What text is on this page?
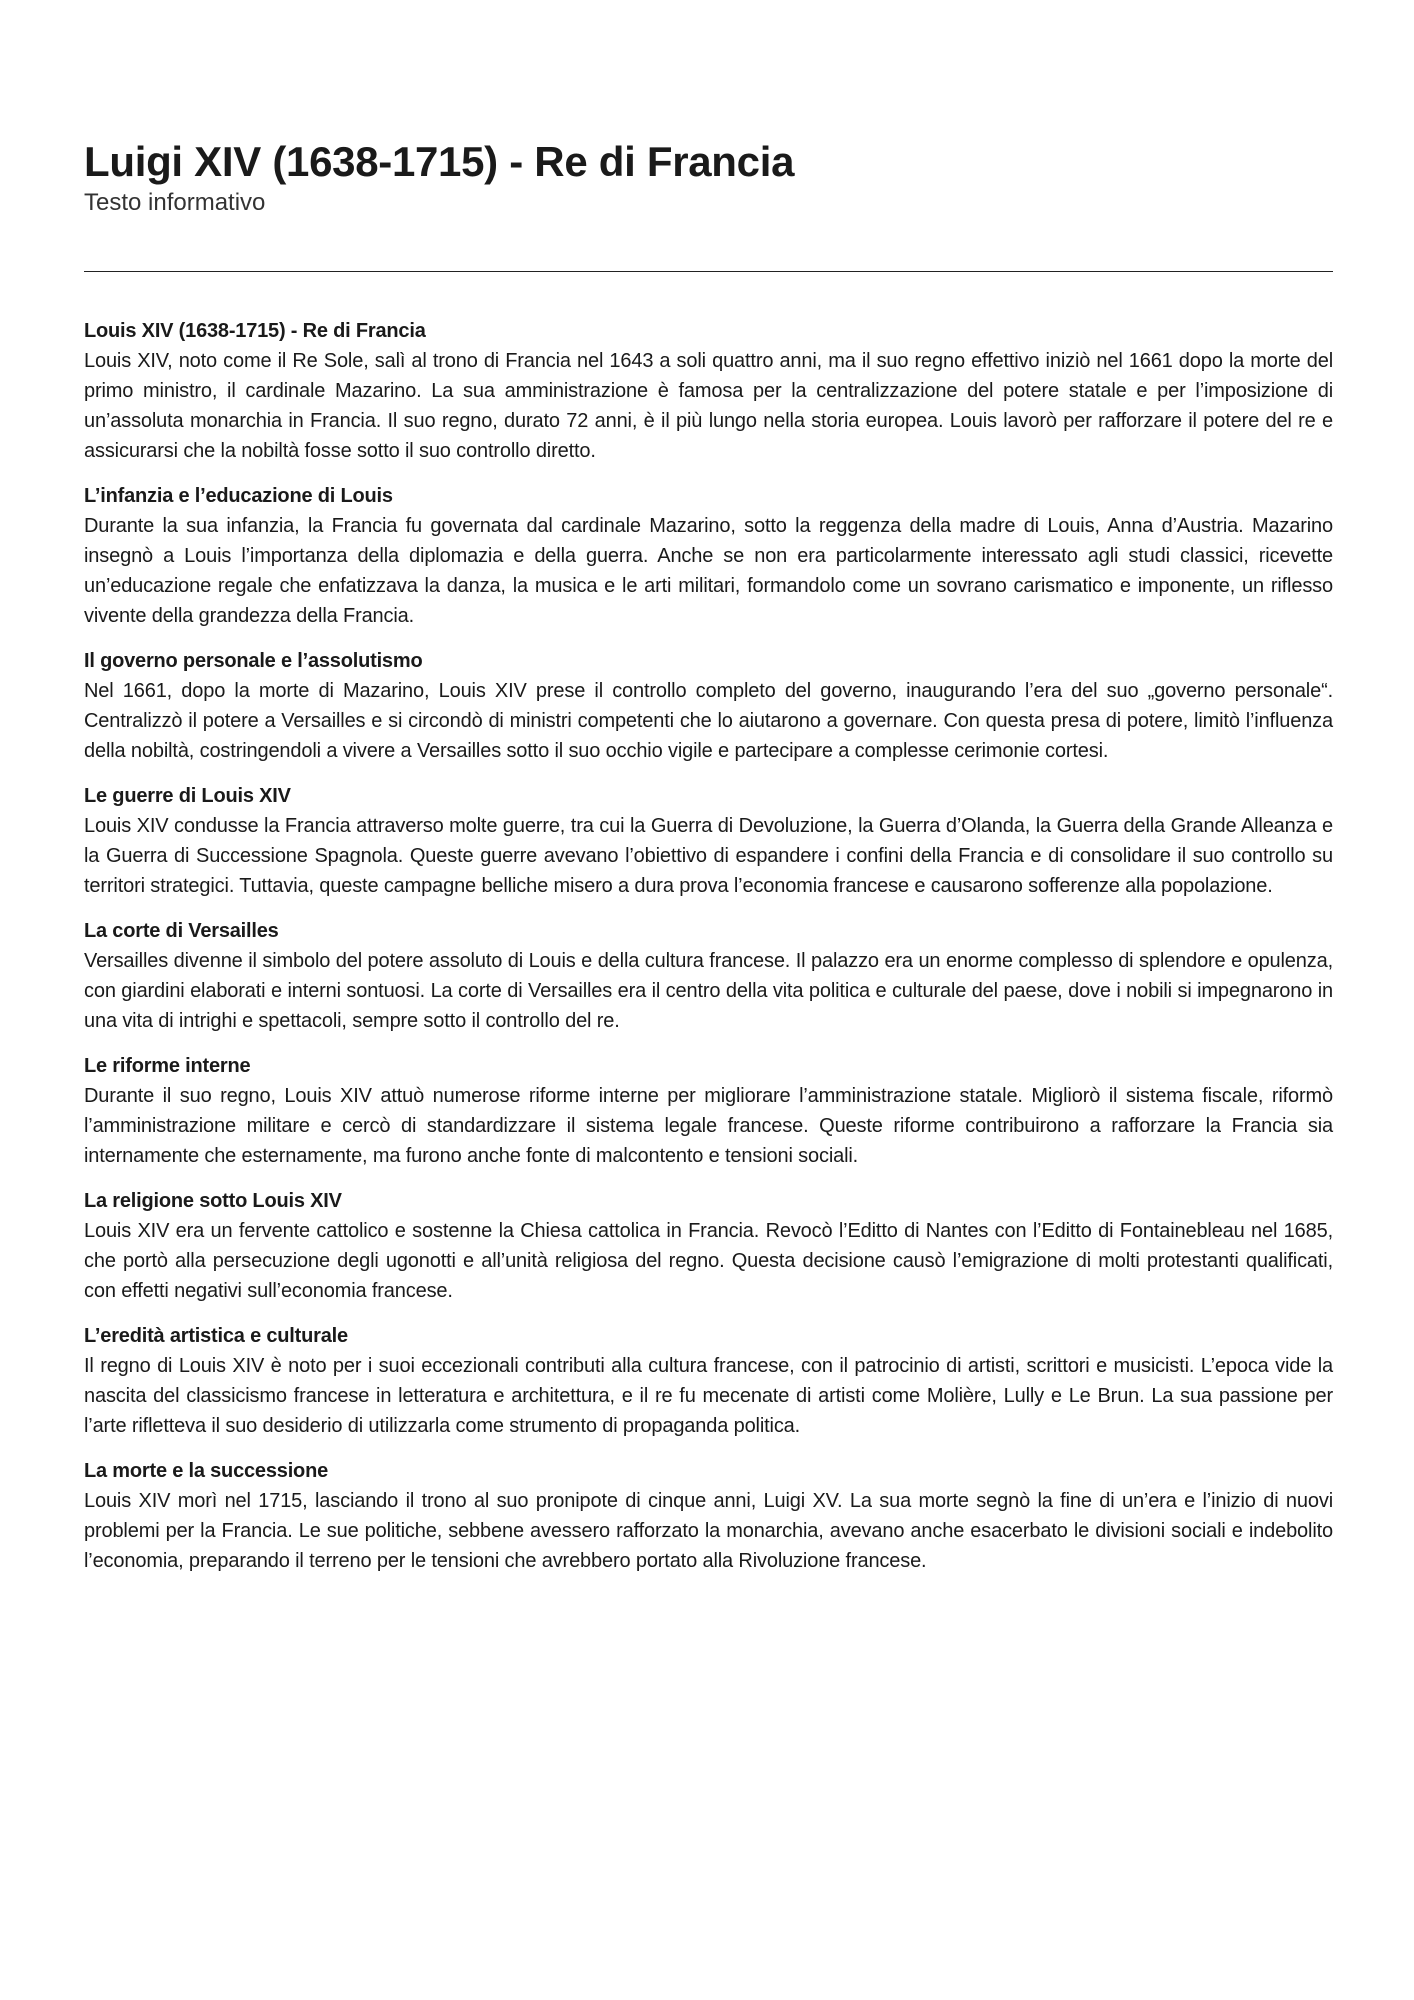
Luigi XIV (1638-1715) - Re di Francia
Testo informativo
Louis XIV (1638-1715) - Re di Francia

Louis XIV, noto come il Re Sole, salì al trono di Francia nel 1643 a soli quattro anni, ma il suo regno effettivo iniziò nel 1661 dopo la morte del primo ministro, il cardinale Mazarino. La sua amministrazione è famosa per la centralizzazione del potere statale e per l’imposizione di un’assoluta monarchia in Francia. Il suo regno, durato 72 anni, è il più lungo nella storia europea. Louis lavorò per rafforzare il potere del re e assicurarsi che la nobiltà fosse sotto il suo controllo diretto.

L’infanzia e l’educazione di Louis

Durante la sua infanzia, la Francia fu governata dal cardinale Mazarino, sotto la reggenza della madre di Louis, Anna d’Austria. Mazarino insegnò a Louis l’importanza della diplomazia e della guerra. Anche se non era particolarmente interessato agli studi classici, ricevette un’educazione regale che enfatizzava la danza, la musica e le arti militari, formandolo come un sovrano carismatico e imponente, un riflesso vivente della grandezza della Francia.

Il governo personale e l’assolutismo

Nel 1661, dopo la morte di Mazarino, Louis XIV prese il controllo completo del governo, inaugurando l’era del suo „governo personale“. Centralizzò il potere a Versailles e si circondò di ministri competenti che lo aiutarono a governare. Con questa presa di potere, limitò l’influenza della nobiltà, costringendoli a vivere a Versailles sotto il suo occhio vigile e partecipare a complesse cerimonie cortesi.

Le guerre di Louis XIV

Louis XIV condusse la Francia attraverso molte guerre, tra cui la Guerra di Devoluzione, la Guerra d’Olanda, la Guerra della Grande Alleanza e la Guerra di Successione Spagnola. Queste guerre avevano l’obiettivo di espandere i confini della Francia e di consolidare il suo controllo su territori strategici. Tuttavia, queste campagne belliche misero a dura prova l’economia francese e causarono sofferenze alla popolazione.

La corte di Versailles

Versailles divenne il simbolo del potere assoluto di Louis e della cultura francese. Il palazzo era un enorme complesso di splendore e opulenza, con giardini elaborati e interni sontuosi. La corte di Versailles era il centro della vita politica e culturale del paese, dove i nobili si impegnarono in una vita di intrighi e spettacoli, sempre sotto il controllo del re.

Le riforme interne

Durante il suo regno, Louis XIV attuò numerose riforme interne per migliorare l’amministrazione statale. Migliorò il sistema fiscale, riformò l’amministrazione militare e cercò di standardizzare il sistema legale francese. Queste riforme contribuirono a rafforzare la Francia sia internamente che esternamente, ma furono anche fonte di malcontento e tensioni sociali.

La religione sotto Louis XIV

Louis XIV era un fervente cattolico e sostenne la Chiesa cattolica in Francia. Revocò l’Editto di Nantes con l’Editto di Fontainebleau nel 1685, che portò alla persecuzione degli ugonotti e all’unità religiosa del regno. Questa decisione causò l’emigrazione di molti protestanti qualificati, con effetti negativi sull’economia francese.

L’eredità artistica e culturale

Il regno di Louis XIV è noto per i suoi eccezionali contributi alla cultura francese, con il patrocinio di artisti, scrittori e musicisti. L’epoca vide la nascita del classicismo francese in letteratura e architettura, e il re fu mecenate di artisti come Molière, Lully e Le Brun. La sua passione per l’arte rifletteva il suo desiderio di utilizzarla come strumento di propaganda politica.

La morte e la successione

Louis XIV morì nel 1715, lasciando il trono al suo pronipote di cinque anni, Luigi XV. La sua morte segnò la fine di un’era e l’inizio di nuovi problemi per la Francia. Le sue politiche, sebbene avessero rafforzato la monarchia, avevano anche esacerbato le divisioni sociali e indebolito l’economia, preparando il terreno per le tensioni che avrebbero portato alla Rivoluzione francese.
